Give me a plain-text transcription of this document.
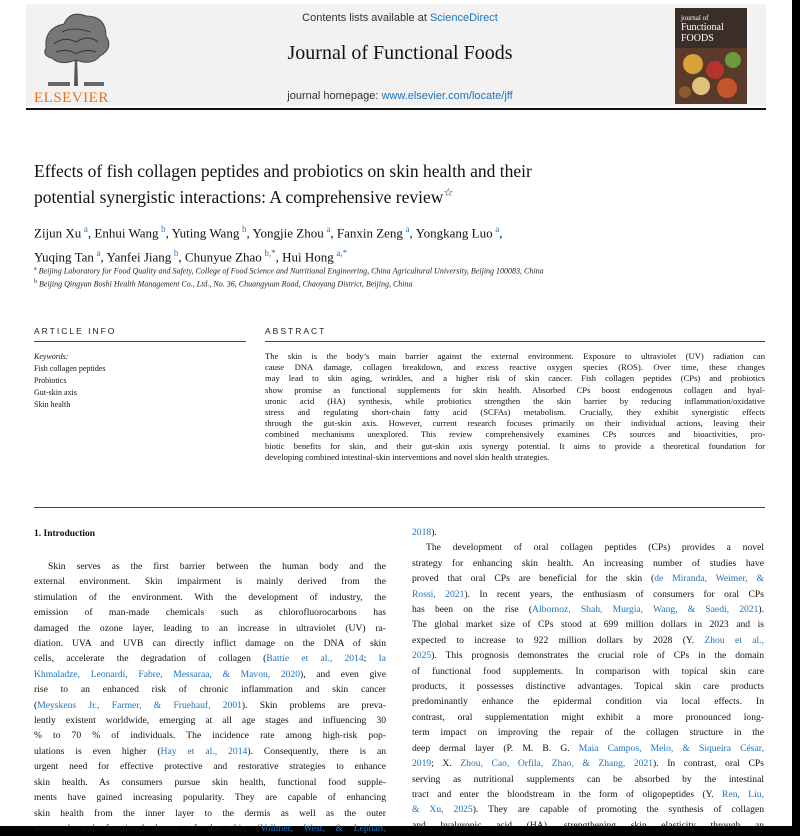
ELSEVIER
Contents lists available at ScienceDirect
Journal of Functional Foods
journal homepage: www.elsevier.com/locate/jff
journal of
Functional
FOODS
Effects of fish collagen peptides and probiotics on skin health and their
potential synergistic interactions: A comprehensive review☆
Zijun Xu  $^a$, Enhui Wang  $^b$, Yuting Wang  $^b$, Yongjie Zhou  $^a$, Fanxin Zeng  $^a$, Yongkang Luo  $^a$,
Yuqing Tan  $^a$, Yanfei Jiang  $^b$, Chunyue Zhao  $^{b,*}$, Hui Hong  $^{a,*}$
$^a$ Beijing Laboratory for Food Quality and Safety, College of Food Science and Nutritional Engineering, China Agricultural University, Beijing 100083, China
$^b$ Beijing Qingyan Boshi Health Management Co., Ltd., No. 36, Chuangyuan Road, Chaoyang District, Beijing, China
ARTICLE INFO	ABSTRACT
Keywords:
Fish collagen peptides
Probiotics
Gut-skin axis
Skin health
The skin is the body’s main barrier against the external environment. Exposure to ultraviolet (UV) radiation can
cause DNA damage, collagen breakdown, and excess reactive oxygen species (ROS). Over time, these changes
may lead to skin aging, wrinkles, and a higher risk of skin cancer. Fish collagen peptides (CPs) and probiotics
show promise as functional supplements for skin health. Absorbed CPs boost endogenous collagen and hyal-
uronic acid (HA) synthesis, while probiotics strengthen the skin barrier by reducing inflammation/oxidative
stress and regulating short-chain fatty acid (SCFAs) metabolism. Crucially, they exhibit synergistic effects
through the gut-skin axis. However, current research focuses primarily on their individual actions, leaving their
combined mechanisms unexplored. This review comprehensively examines CPs sources and bioactivities, pro-
biotic benefits for skin, and their gut-skin axis synergy potential. It aims to provide a theoretical foundation for
developing combined intestinal-skin interventions and novel skin health strategies.
1. Introduction
Skin serves as the first barrier between the human body and the
external environment. Skin impairment is mainly derived from the
stimulation of the environment. With the development of industry, the
emission of man-made chemicals such as chlorofluorocarbons has
damaged the ozone layer, leading to an increase in ultraviolet (UV) ra-
diation. UVA and UVB can directly inflict damage on the DNA of skin
cells, accelerate the degradation of collagen (Battie et al., 2014; Ia
Khmaladze, Leonardi, Fabre, Messaraa, & Mavon, 2020), and even give
rise to an enhanced risk of chronic inflammation and skin cancer
(Meyskens Jr., Farmer, & Fruehauf, 2001). Skin problems are preva-
lently existent worldwide, emerging at all age stages and influencing 30
% to 70 % of individuals. The incidence rate among high-risk pop-
ulations is even higher (Hay et al., 2014). Consequently, there is an
urgent need for effective protective and restorative strategies to enhance
skin health. As consumers pursue skin health, functional food supple-
ments have gained increasing popularity. They are capable of enhancing
skin health from the inner layer to the dermis as well as the outer
structural and functional layers of the skin (Vollmer, West, & Lephart,
2018).
The development of oral collagen peptides (CPs) provides a novel
strategy for enhancing skin health. An increasing number of studies have
proved that oral CPs are beneficial for the skin (de Miranda, Weimer, &
Rossi, 2021). In recent years, the enthusiasm of consumers for oral CPs
has been on the rise (Albornoz, Shah, Murgia, Wang, & Saedi, 2021).
The global market size of CPs stood at 699 million dollars in 2023 and is
expected to increase to 922 million dollars by 2028 (Y. Zhou et al.,
2025). This prognosis demonstrates the crucial role of CPs in the domain
of functional food supplements. In comparison with topical skin care
products, it possesses distinctive advantages. Topical skin care products
predominantly enhance the epidermal condition via local effects. In
contrast, oral supplementation might exhibit a more pronounced long-
term impact on improving the repair of the collagen structure in the
deep dermal layer (P. M. B. G. Maia Campos, Melo, & Siqueira César,
2019; X. Zhou, Cao, Orfila, Zhao, & Zhang, 2021). In contrast, oral CPs
serving as nutritional supplements can be absorbed by the intestinal
tract and enter the bloodstream in the form of oligopeptides (Y. Ren, Liu,
& Xu, 2025). They are capable of promoting the synthesis of collagen
and hyaluronic acid (HA), strengthening skin elasticity through an
